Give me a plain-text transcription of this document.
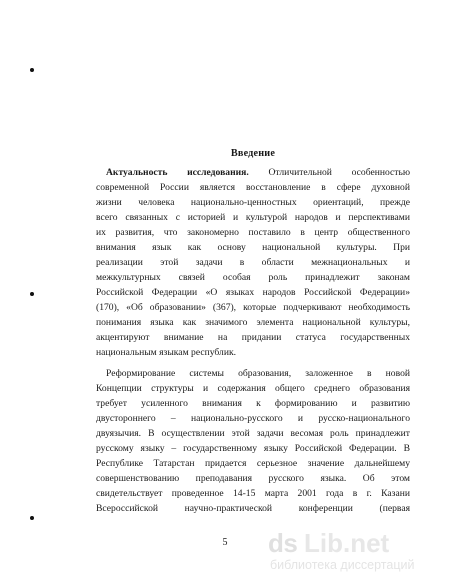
Введение
Актуальность исследования. Отличительной особенностью
современной России является восстановление в сфере духовной
жизни человека национально-ценностных ориентаций, прежде
всего связанных с историей и культурой народов и перспективами
их развития, что закономерно поставило в центр общественного
внимания язык как основу национальной культуры. При
реализации этой задачи в области межнациональных и
межкультурных связей особая роль принадлежит законам
Российской Федерации «О языках народов Российской Федерации»
(170), «Об образовании» (367), которые подчеркивают необходимость
понимания языка как значимого элемента национальной культуры,
акцентируют внимание на придании статуса государственных
национальным языкам республик.
Реформирование системы образования, заложенное в новой
Концепции структуры и содержания общего среднего образования
требует усиленного внимания к формированию и развитию
двустороннего – национально-русского и русско-национального
двуязычия. В осуществлении этой задачи весомая роль принадлежит
русскому языку – государственному языку Российской Федерации. В
Республике Татарстан придается серьезное значение дальнейшему
совершенствованию преподавания русского языка. Об этом
свидетельствует проведенное 14-15 марта 2001 года в г. Казани
Всероссийской научно-практической конференции (первая
5	ds Lib.net
библиотека диссертаций
